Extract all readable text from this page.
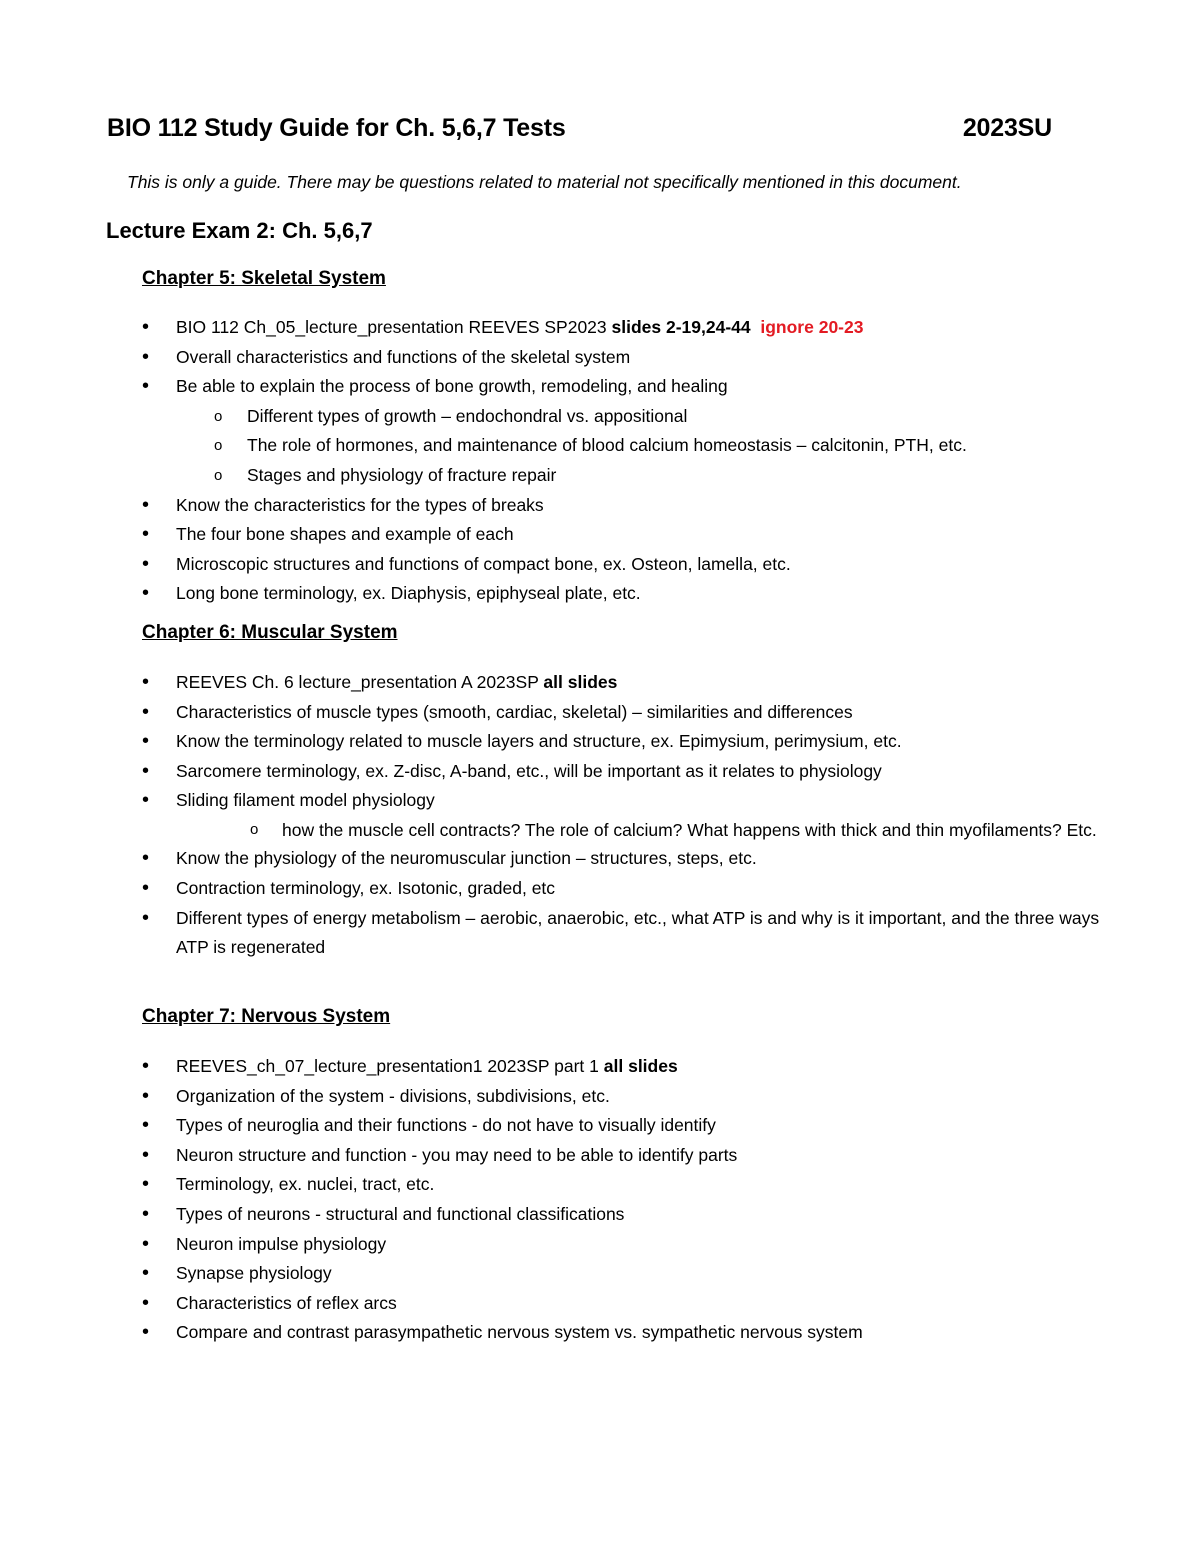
BIO 112 Study Guide for Ch. 5,6,7 Tests	2023SU
This is only a guide. There may be questions related to material not specifically mentioned in this document.
Lecture Exam 2: Ch. 5,6,7
Chapter 5: Skeletal System
• BIO 112 Ch_05_lecture_presentation REEVES SP2023 slides 2-19,24-44 ignore 20-23
• Overall characteristics and functions of the skeletal system
• Be able to explain the process of bone growth, remodeling, and healing
o Different types of growth – endochondral vs. appositional
o The role of hormones, and maintenance of blood calcium homeostasis – calcitonin, PTH, etc.
o Stages and physiology of fracture repair
• Know the characteristics for the types of breaks
• The four bone shapes and example of each
• Microscopic structures and functions of compact bone, ex. Osteon, lamella, etc.
• Long bone terminology, ex. Diaphysis, epiphyseal plate, etc.
Chapter 6: Muscular System
• REEVES Ch. 6 lecture_presentation A 2023SP all slides
• Characteristics of muscle types (smooth, cardiac, skeletal) – similarities and differences
• Know the terminology related to muscle layers and structure, ex. Epimysium, perimysium, etc.
• Sarcomere terminology, ex. Z-disc, A-band, etc., will be important as it relates to physiology
• Sliding filament model physiology
o how the muscle cell contracts? The role of calcium? What happens with thick and thin myofilaments? Etc.
• Know the physiology of the neuromuscular junction – structures, steps, etc.
• Contraction terminology, ex. Isotonic, graded, etc
• Different types of energy metabolism – aerobic, anaerobic, etc., what ATP is and why is it important, and the three ways ATP is regenerated
Chapter 7: Nervous System
• REEVES_ch_07_lecture_presentation1 2023SP part 1 all slides
• Organization of the system - divisions, subdivisions, etc.
• Types of neuroglia and their functions - do not have to visually identify
• Neuron structure and function - you may need to be able to identify parts
• Terminology, ex. nuclei, tract, etc.
• Types of neurons - structural and functional classifications
• Neuron impulse physiology
• Synapse physiology
• Characteristics of reflex arcs
• Compare and contrast parasympathetic nervous system vs. sympathetic nervous system
